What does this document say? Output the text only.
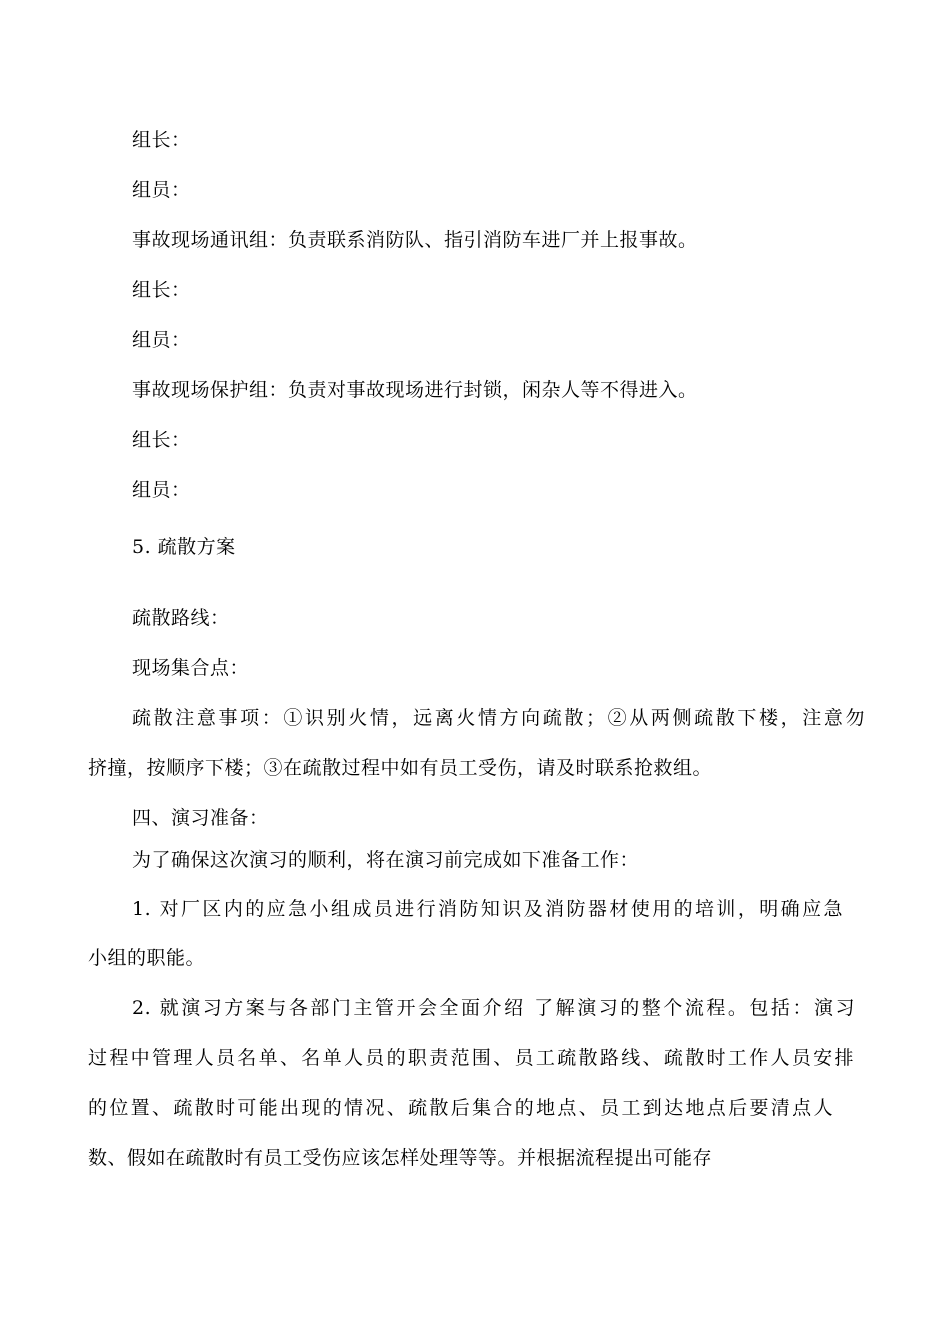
组长：
组员：
事故现场通讯组：负责联系消防队、指引消防车进厂并上报事故。
组长：
组员：
事故现场保护组：负责对事故现场进行封锁，闲杂人等不得进入。
组长：
组员：
5. 疏散方案
疏散路线：
现场集合点：
疏散注意事项：①识别火情，远离火情方向疏散；②从两侧疏散下楼，注意勿
挤撞，按顺序下楼；③在疏散过程中如有员工受伤，请及时联系抢救组。
四、演习准备：
为了确保这次演习的顺利，将在演习前完成如下准备工作：
1. 对厂区内的应急小组成员进行消防知识及消防器材使用的培训，明确应急
小组的职能。
2. 就演习方案与各部门主管开会全面介绍 了解演习的整个流程。包括：演习
过程中管理人员名单、名单人员的职责范围、员工疏散路线、疏散时工作人员安排
的位置、疏散时可能出现的情况、疏散后集合的地点、员工到达地点后要清点人
数、假如在疏散时有员工受伤应该怎样处理等等。并根据流程提出可能存
